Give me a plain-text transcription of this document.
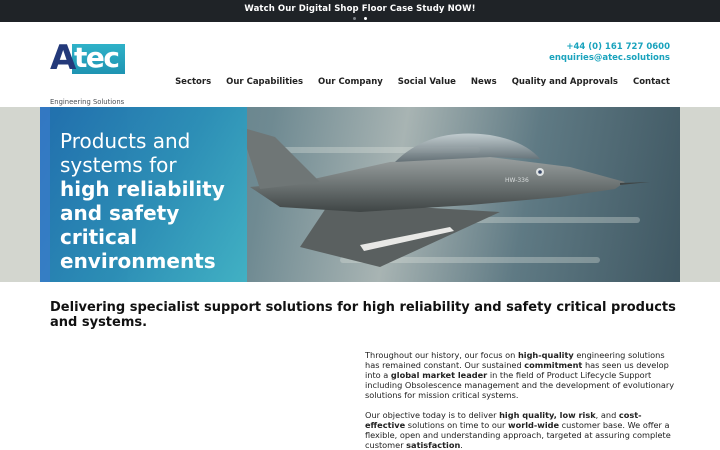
Watch Our Digital Shop Floor Case Study NOW!

A tec
Engineering Solutions
+44 (0) 161 727 0600
enquiries@atec.solutions
Sectors Our Capabilities Our Company Social Value News Quality and Approvals Contact
HW-336
Products and
systems for
high reliability
and safety
critical
environments
Delivering specialist support solutions for high reliability and safety critical products and systems.

Throughout our history, our focus on high-quality engineering solutions has remained constant. Our sustained commitment has seen us develop into a global market leader in the field of Product Lifecycle Support including Obsolescence management and the development of evolutionary solutions for mission critical systems.

Our objective today is to deliver high quality, low risk, and cost-effective solutions on time to our world-wide customer base. We offer a flexible, open and understanding approach, targeted at assuring complete customer satisfaction.
